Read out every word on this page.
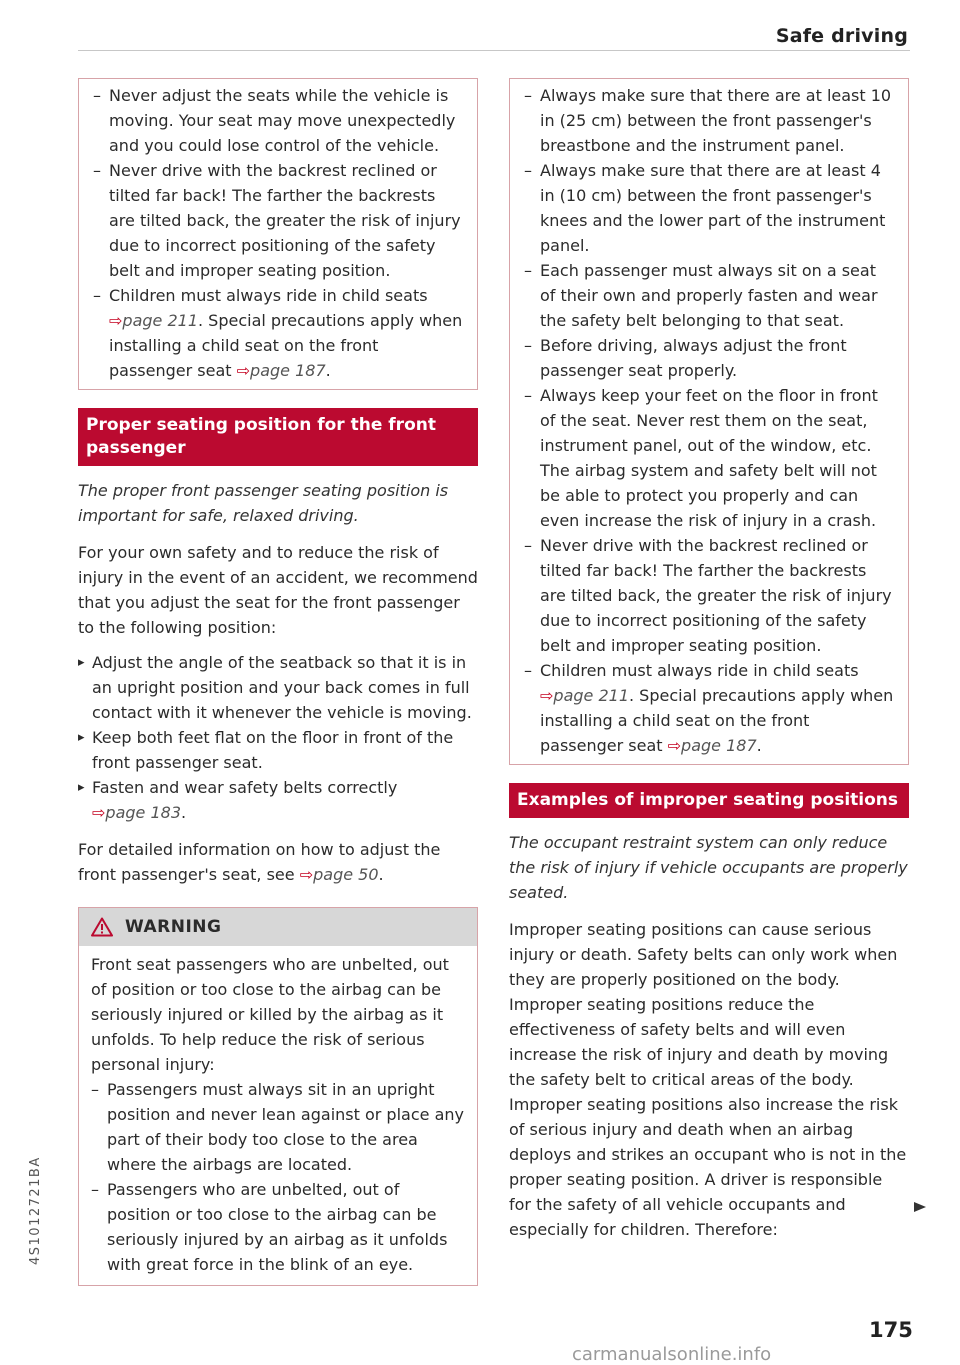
Safe driving
– Never adjust the seats while the vehicle is moving. Your seat may move unexpectedly and you could lose control of the vehicle.
– Never drive with the backrest reclined or tilted far back! The farther the backrests are tilted back, the greater the risk of injury due to incorrect positioning of the safety belt and improper seating position.
– Children must always ride in child seats ⇨page 211. Special precautions apply when installing a child seat on the front passenger seat ⇨page 187.
Proper seating position for the front passenger
The proper front passenger seating position is important for safe, relaxed driving.
For your own safety and to reduce the risk of injury in the event of an accident, we recommend that you adjust the seat for the front passenger to the following position:
▸ Adjust the angle of the seatback so that it is in an upright position and your back comes in full contact with it whenever the vehicle is moving.
▸ Keep both feet flat on the floor in front of the front passenger seat.
▸ Fasten and wear safety belts correctly
⇨page 183.
For detailed information on how to adjust the front passenger's seat, see ⇨page 50.
WARNING
Front seat passengers who are unbelted, out of position or too close to the airbag can be seriously injured or killed by the airbag as it unfolds. To help reduce the risk of serious personal injury:
– Passengers must always sit in an upright position and never lean against or place any part of their body too close to the area where the airbags are located.
– Passengers who are unbelted, out of position or too close to the airbag can be seriously injured by an airbag as it unfolds with great force in the blink of an eye.
– Always make sure that there are at least 10 in (25 cm) between the front passenger's breastbone and the instrument panel.
– Always make sure that there are at least 4 in (10 cm) between the front passenger's knees and the lower part of the instrument panel.
– Each passenger must always sit on a seat of their own and properly fasten and wear the safety belt belonging to that seat.
– Before driving, always adjust the front passenger seat properly.
– Always keep your feet on the floor in front of the seat. Never rest them on the seat, instrument panel, out of the window, etc. The airbag system and safety belt will not be able to protect you properly and can even increase the risk of injury in a crash.
– Never drive with the backrest reclined or tilted far back! The farther the backrests are tilted back, the greater the risk of injury due to incorrect positioning of the safety belt and improper seating position.
– Children must always ride in child seats ⇨page 211. Special precautions apply when installing a child seat on the front passenger seat ⇨page 187.
Examples of improper seating positions
The occupant restraint system can only reduce the risk of injury if vehicle occupants are properly seated.
Improper seating positions can cause serious injury or death. Safety belts can only work when they are properly positioned on the body. Improper seating positions reduce the effectiveness of safety belts and will even increase the risk of injury and death by moving the safety belt to critical areas of the body. Improper seating positions also increase the risk of serious injury and death when an airbag deploys and strikes an occupant who is not in the proper seating position. A driver is responsible for the safety of all vehicle occupants and especially for children. Therefore:
4S1012721BA
175
carmanualsonline.info
